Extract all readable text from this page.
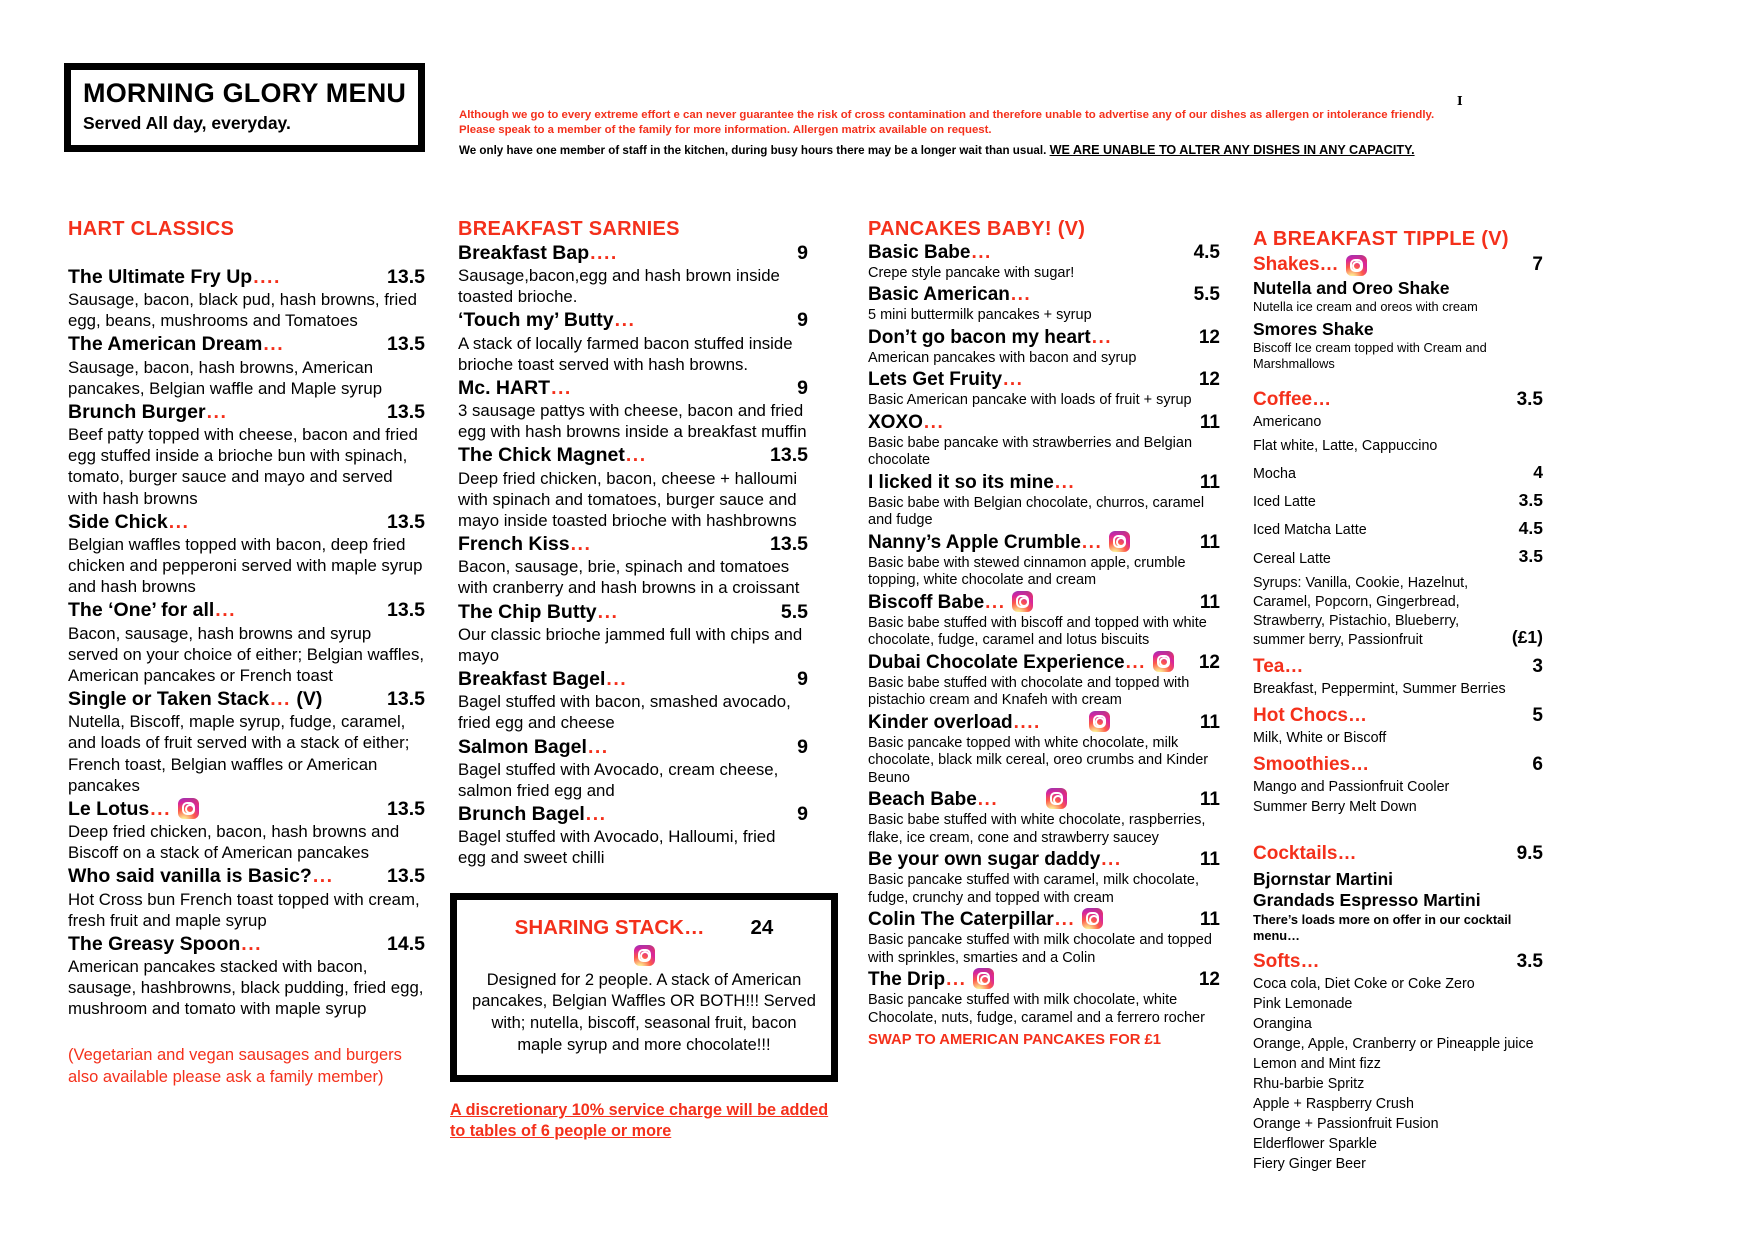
MORNING GLORY MENU
Served All day, everyday.	Although we go to every extreme effort e can never guarantee the risk of cross contamination and therefore unable to advertise any of our dishes as allergen or intolerance friendly.
Please speak to a member of the family for more information. Allergen matrix available on request.
We only have one member of staff in the kitchen, during busy hours there may be a longer wait than usual. WE ARE UNABLE TO ALTER ANY DISHES IN ANY CAPACITY.
I
HART CLASSICS
The Ultimate Fry Up....	13.5
Sausage, bacon, black pud, hash browns, fried egg, beans, mushrooms and Tomatoes
The American Dream...	13.5
Sausage, bacon, hash browns, American pancakes, Belgian waffle and Maple syrup
Brunch Burger...	13.5
Beef patty topped with cheese, bacon and fried egg stuffed inside a brioche bun with spinach, tomato, burger sauce and mayo and served with hash browns
Side Chick...	13.5
Belgian waffles topped with bacon, deep fried chicken and pepperoni served with maple syrup and hash browns
The ‘One’ for all...	13.5
Bacon, sausage, hash browns and syrup served on your choice of either; Belgian waffles, American pancakes or French toast
Single or Taken Stack... (V)	13.5
Nutella, Biscoff, maple syrup, fudge, caramel, and loads of fruit served with a stack of either; French toast, Belgian waffles or American pancakes
Le Lotus...	13.5
Deep fried chicken, bacon, hash browns and Biscoff on a stack of American pancakes
Who said vanilla is Basic?...	13.5
Hot Cross bun French toast topped with cream, fresh fruit and maple syrup
The Greasy Spoon...	14.5
American pancakes stacked with bacon, sausage, hashbrowns, black pudding, fried egg, mushroom and tomato with maple syrup
(Vegetarian and vegan sausages and burgers also available please ask a family member)
BREAKFAST SARNIES
Breakfast Bap....	9
Sausage,bacon,egg and hash brown inside toasted brioche.
‘Touch my’ Butty...	9
A stack of locally farmed bacon stuffed inside brioche toast served with hash browns.
Mc. HART...	9
3 sausage pattys with cheese, bacon and fried egg with hash browns inside a breakfast muffin
The Chick Magnet...	13.5
Deep fried chicken, bacon, cheese + halloumi with spinach and tomatoes, burger sauce and mayo inside toasted brioche with hashbrowns
French Kiss...	13.5
Bacon, sausage, brie, spinach and tomatoes with cranberry and hash browns in a croissant
The Chip Butty...	5.5
Our classic brioche jammed full with chips and mayo
Breakfast Bagel...	9
Bagel stuffed with bacon, smashed avocado, fried egg and cheese
Salmon Bagel...	9
Bagel stuffed with Avocado, cream cheese, salmon fried egg and
Brunch Bagel...	9
Bagel stuffed with Avocado, Halloumi, fried egg and sweet chilli
SHARING STACK… 24
Designed for 2 people. A stack of American pancakes, Belgian Waffles OR BOTH!!! Served with; nutella, biscoff, seasonal fruit, bacon maple syrup and more chocolate!!!
A discretionary 10% service charge will be added to tables of 6 people or more
PANCAKES BABY! (V)
Basic Babe...	4.5
Crepe style pancake with sugar!
Basic American...	5.5
5 mini buttermilk pancakes + syrup
Don’t go bacon my heart...	12
American pancakes with bacon and syrup
Lets Get Fruity...	12
Basic American pancake with loads of fruit + syrup
XOXO...	11
Basic babe pancake with strawberries and Belgian chocolate
I licked it so its mine...	11
Basic babe with Belgian chocolate, churros, caramel and fudge
Nanny’s Apple Crumble...	11
Basic babe with stewed cinnamon apple, crumble topping, white chocolate and cream
Biscoff Babe...	11
Basic babe stuffed with biscoff and topped with white chocolate, fudge, caramel and lotus biscuits
Dubai Chocolate Experience...	12
Basic babe stuffed with chocolate and topped with pistachio cream and Knafeh with cream
Kinder overload....	11
Basic pancake topped with white chocolate, milk chocolate, black milk cereal, oreo crumbs and Kinder Beuno
Beach Babe...	11
Basic babe stuffed with white chocolate, raspberries, flake, ice cream, cone and strawberry saucey
Be your own sugar daddy...	11
Basic pancake stuffed with caramel, milk chocolate, fudge, crunchy and topped with cream
Colin The Caterpillar...	11
Basic pancake stuffed with milk chocolate and topped with sprinkles, smarties and a Colin
The Drip...	12
Basic pancake stuffed with milk chocolate, white Chocolate, nuts, fudge, caramel and a ferrero rocher
SWAP TO AMERICAN PANCAKES FOR £1
A BREAKFAST TIPPLE (V)
Shakes…	7
Nutella and Oreo Shake
Nutella ice cream and oreos with cream
Smores Shake
Biscoff Ice cream topped with Cream and Marshmallows
Coffee…	3.5
Americano
Flat white, Latte, Cappuccino
Mocha	4
Iced Latte	3.5
Iced Matcha Latte	4.5
Cereal Latte	3.5
Syrups: Vanilla, Cookie, Hazelnut, Caramel, Popcorn, Gingerbread, Strawberry, Pistachio, Blueberry, summer berry, Passionfruit	(£1)
Tea…	3
Breakfast, Peppermint, Summer Berries
Hot Chocs…	5
Milk, White or Biscoff
Smoothies…	6
Mango and Passionfruit Cooler
Summer Berry Melt Down
Cocktails…	9.5
Bjornstar Martini
Grandads Espresso Martini
There’s loads more on offer in our cocktail menu…
Softs…	3.5
Coca cola, Diet Coke or Coke Zero
Pink Lemonade
Orangina
Orange, Apple, Cranberry or Pineapple juice
Lemon and Mint fizz
Rhu-barbie Spritz
Apple + Raspberry Crush
Orange + Passionfruit Fusion
Elderflower Sparkle
Fiery Ginger Beer
